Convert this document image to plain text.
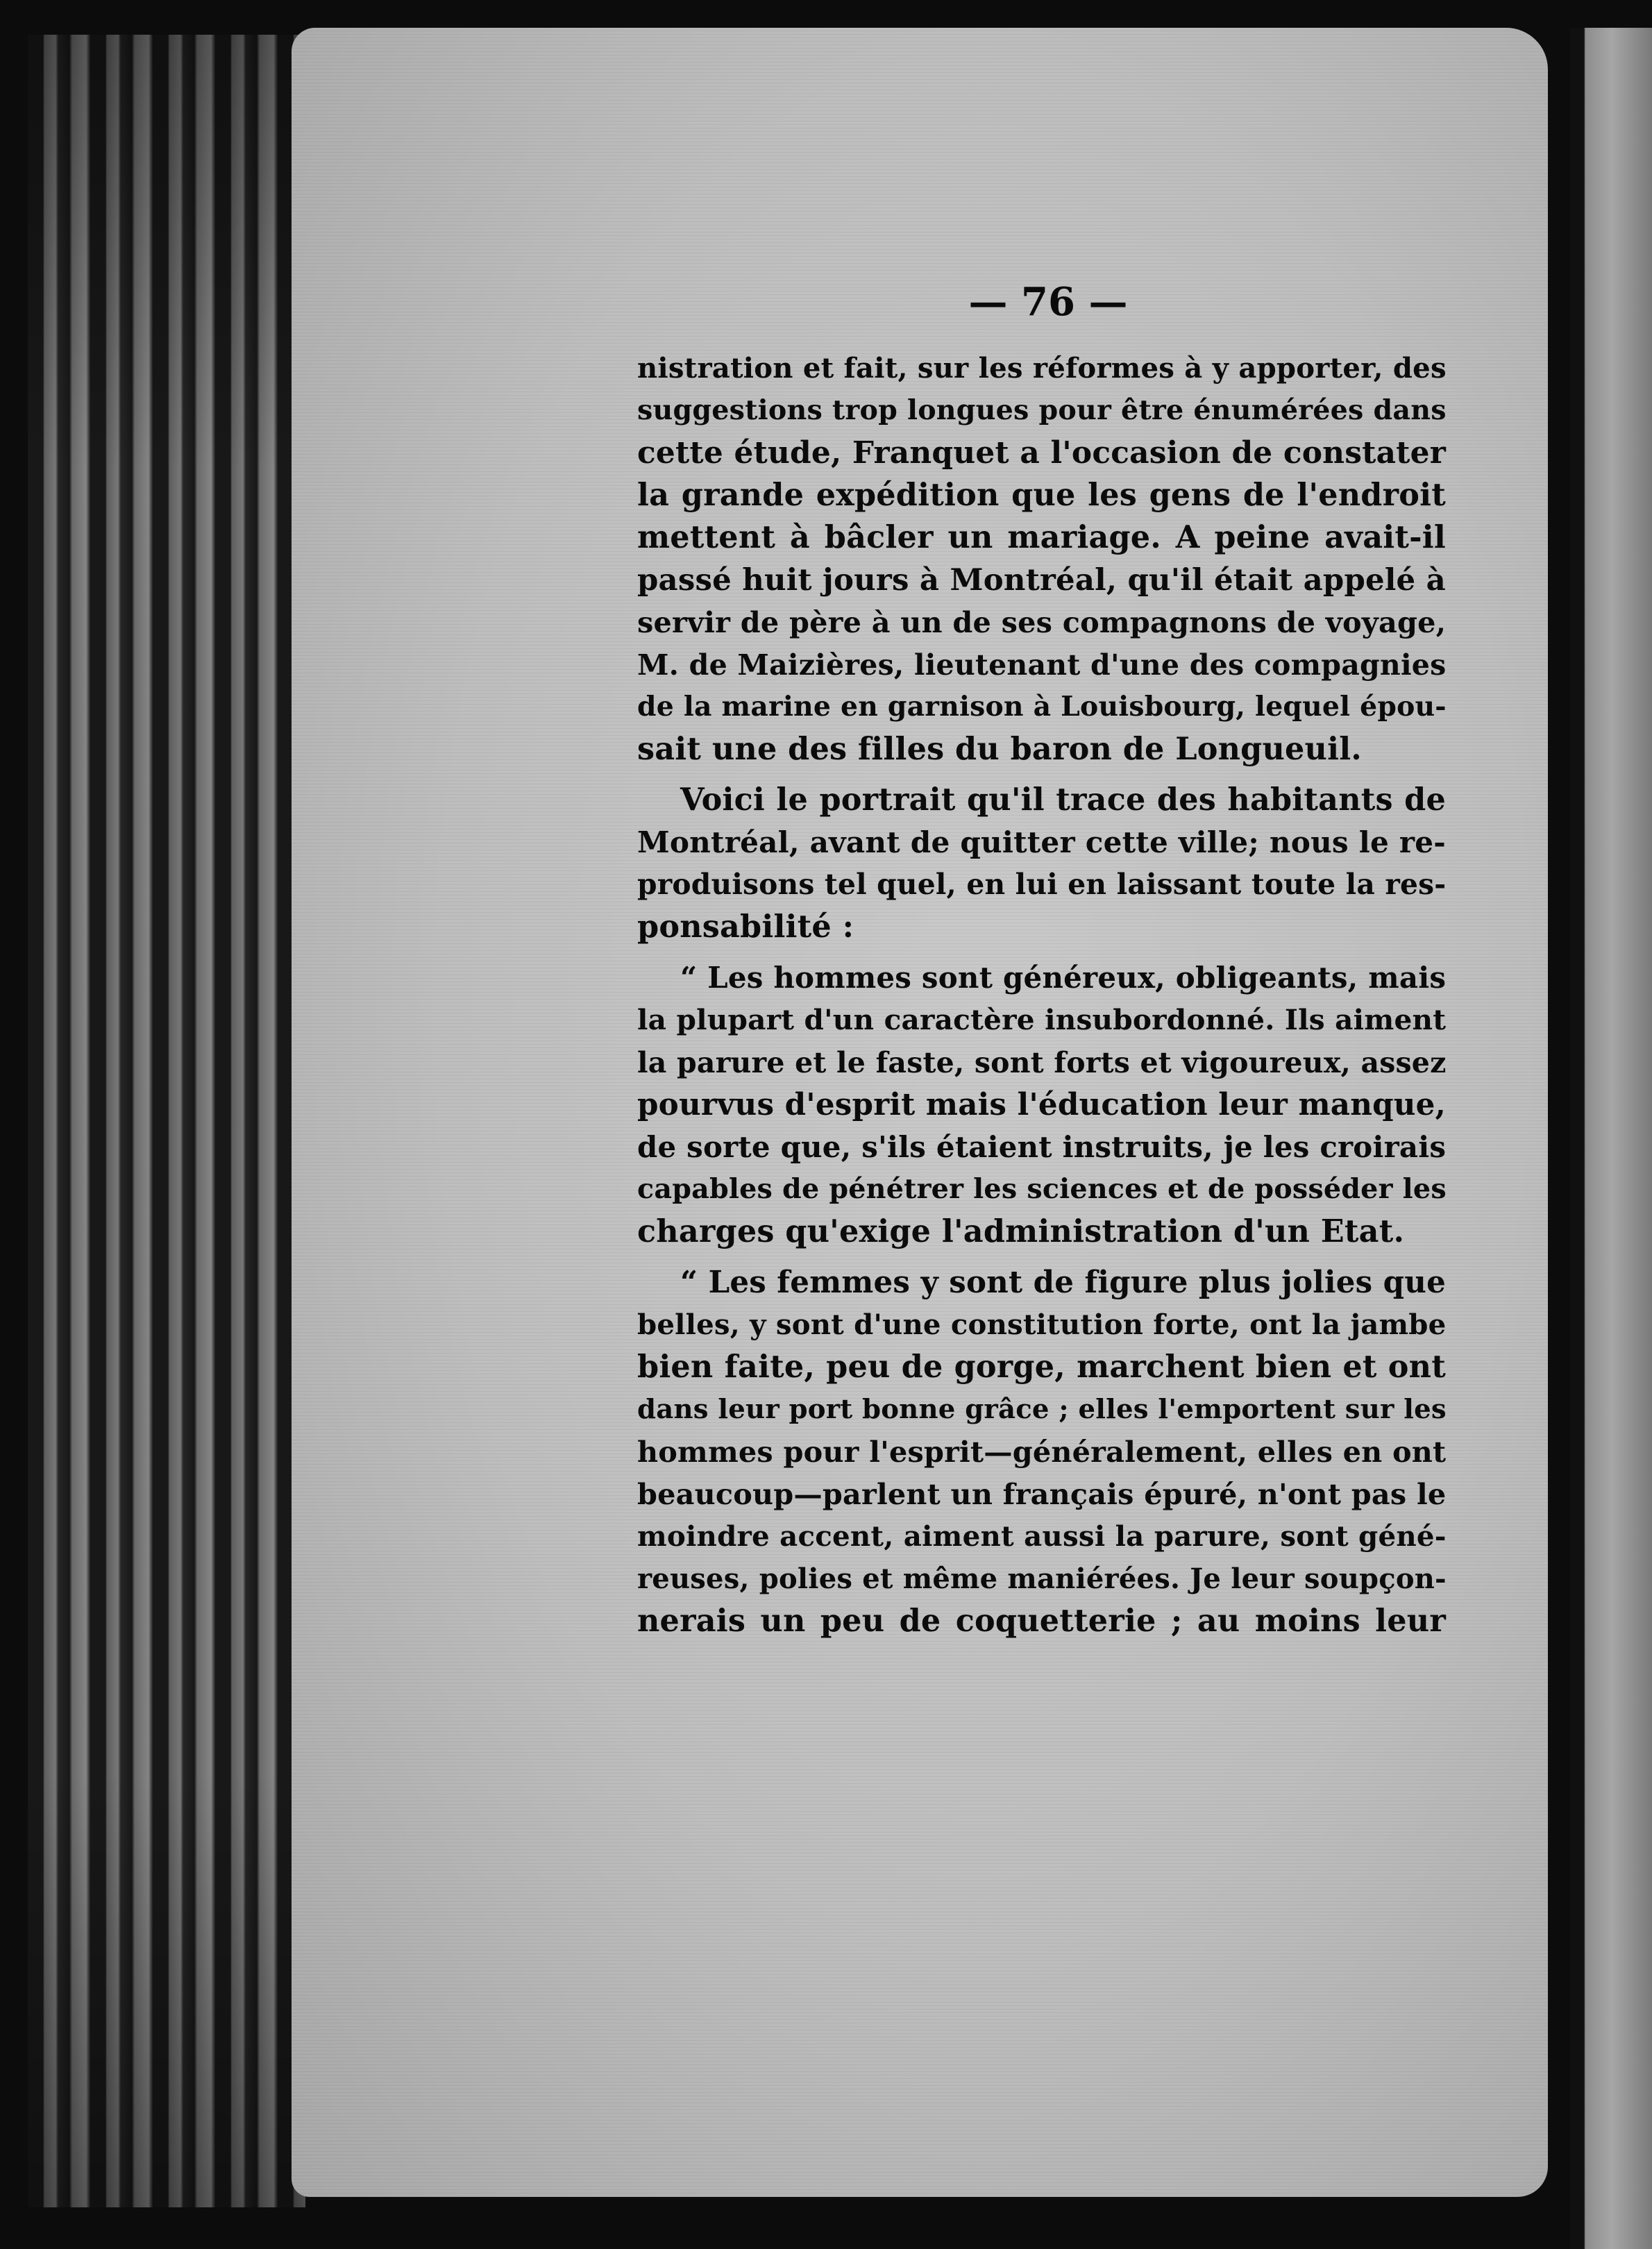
— 76 —

nistration et fait, sur les réformes à y apporter, des
suggestions trop longues pour être énumérées dans
cette étude, Franquet a l'occasion de constater
la grande expédition que les gens de l'endroit
mettent à bâcler un mariage. A peine avait-il
passé huit jours à Montréal, qu'il était appelé à
servir de père à un de ses compagnons de voyage,
M. de Maizières, lieutenant d'une des compagnies
de la marine en garnison à Louisbourg, lequel épou-
sait une des filles du baron de Longueuil.
Voici le portrait qu'il trace des habitants de
Montréal, avant de quitter cette ville; nous le re-
produisons tel quel, en lui en laissant toute la res-
ponsabilité :
“ Les hommes sont généreux, obligeants, mais
la plupart d'un caractère insubordonné. Ils aiment
la parure et le faste, sont forts et vigoureux, assez
pourvus d'esprit mais l'éducation leur manque,
de sorte que, s'ils étaient instruits, je les croirais
capables de pénétrer les sciences et de posséder les
charges qu'exige l'administration d'un Etat.
“ Les femmes y sont de figure plus jolies que
belles, y sont d'une constitution forte, ont la jambe
bien faite, peu de gorge, marchent bien et ont
dans leur port bonne grâce ; elles l'emportent sur les
hommes pour l'esprit—généralement, elles en ont
beaucoup—parlent un français épuré, n'ont pas le
moindre accent, aiment aussi la parure, sont géné-
reuses, polies et même maniérées. Je leur soupçon-
nerais un peu de coquetterie ; au moins leur
